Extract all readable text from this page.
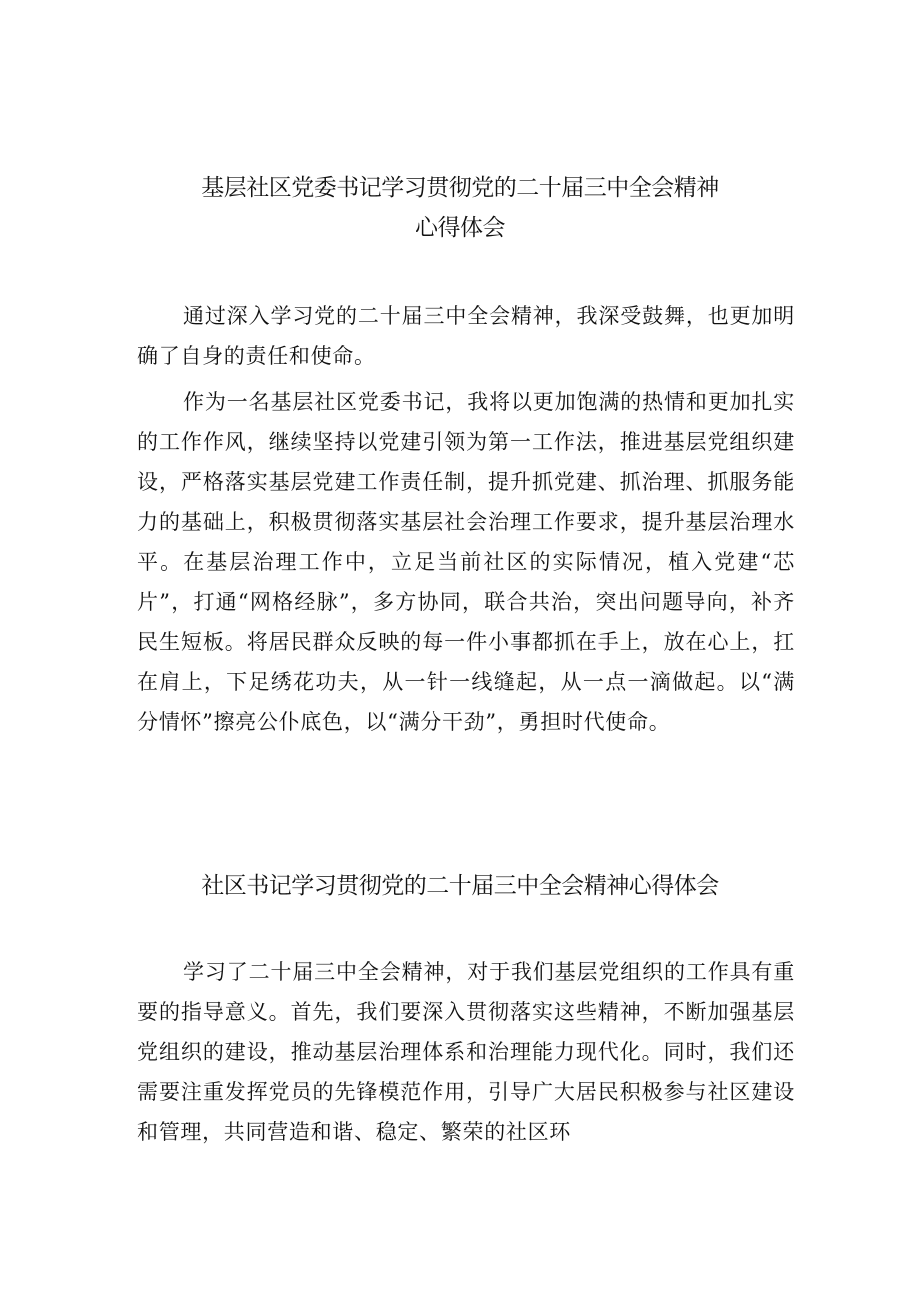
基层社区党委书记学习贯彻党的二十届三中全会精神
心得体会

通过深入学习党的二十届三中全会精神，我深受鼓舞，也更加明确了自身的责任和使命。

作为一名基层社区党委书记，我将以更加饱满的热情和更加扎实的工作作风，继续坚持以党建引领为第一工作法，推进基层党组织建设，严格落实基层党建工作责任制，提升抓党建、抓治理、抓服务能力的基础上，积极贯彻落实基层社会治理工作要求，提升基层治理水平。在基层治理工作中，立足当前社区的实际情况，植入党建“芯片”，打通“网格经脉”，多方协同，联合共治，突出问题导向，补齐民生短板。将居民群众反映的每一件小事都抓在手上，放在心上，扛在肩上，下足绣花功夫，从一针一线缝起，从一点一滴做起。以“满分情怀”擦亮公仆底色，以“满分干劲”，勇担时代使命。

社区书记学习贯彻党的二十届三中全会精神心得体会

学习了二十届三中全会精神，对于我们基层党组织的工作具有重要的指导意义。首先，我们要深入贯彻落实这些精神，不断加强基层党组织的建设，推动基层治理体系和治理能力现代化。同时，我们还需要注重发挥党员的先锋模范作用，引导广大居民积极参与社区建设和管理，共同营造和谐、稳定、繁荣的社区环
